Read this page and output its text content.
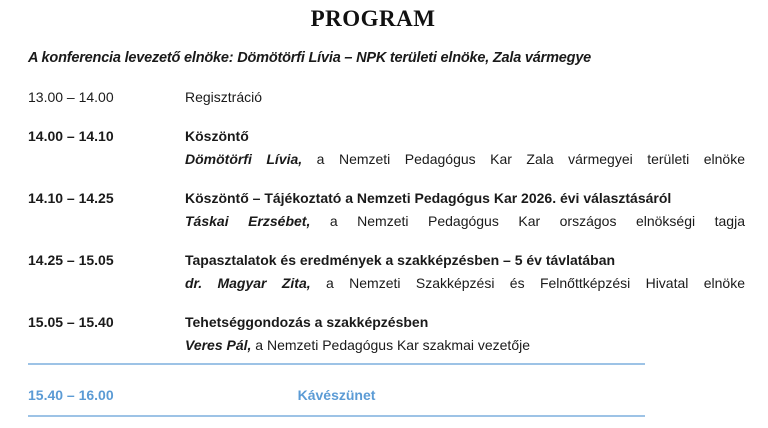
PROGRAM
A konferencia levezető elnöke: Dömötörfi Lívia – NPK területi elnöke, Zala vármegye
13.00 – 14.00	Regisztráció
14.00 – 14.10	Köszöntő
Dömötörfi Lívia, a Nemzeti Pedagógus Kar Zala vármegyei területi elnöke
14.10 – 14.25	Köszöntő – Tájékoztató a Nemzeti Pedagógus Kar 2026. évi választásáról
Táskai Erzsébet, a Nemzeti Pedagógus Kar országos elnökségi tagja
14.25 – 15.05	Tapasztalatok és eredmények a szakképzésben – 5 év távlatában
dr. Magyar Zita, a Nemzeti Szakképzési és Felnőttképzési Hivatal elnöke
15.05 – 15.40	Tehetséggondozás a szakképzésben
Veres Pál, a Nemzeti Pedagógus Kar szakmai vezetője
15.40 – 16.00	Kávészünet
